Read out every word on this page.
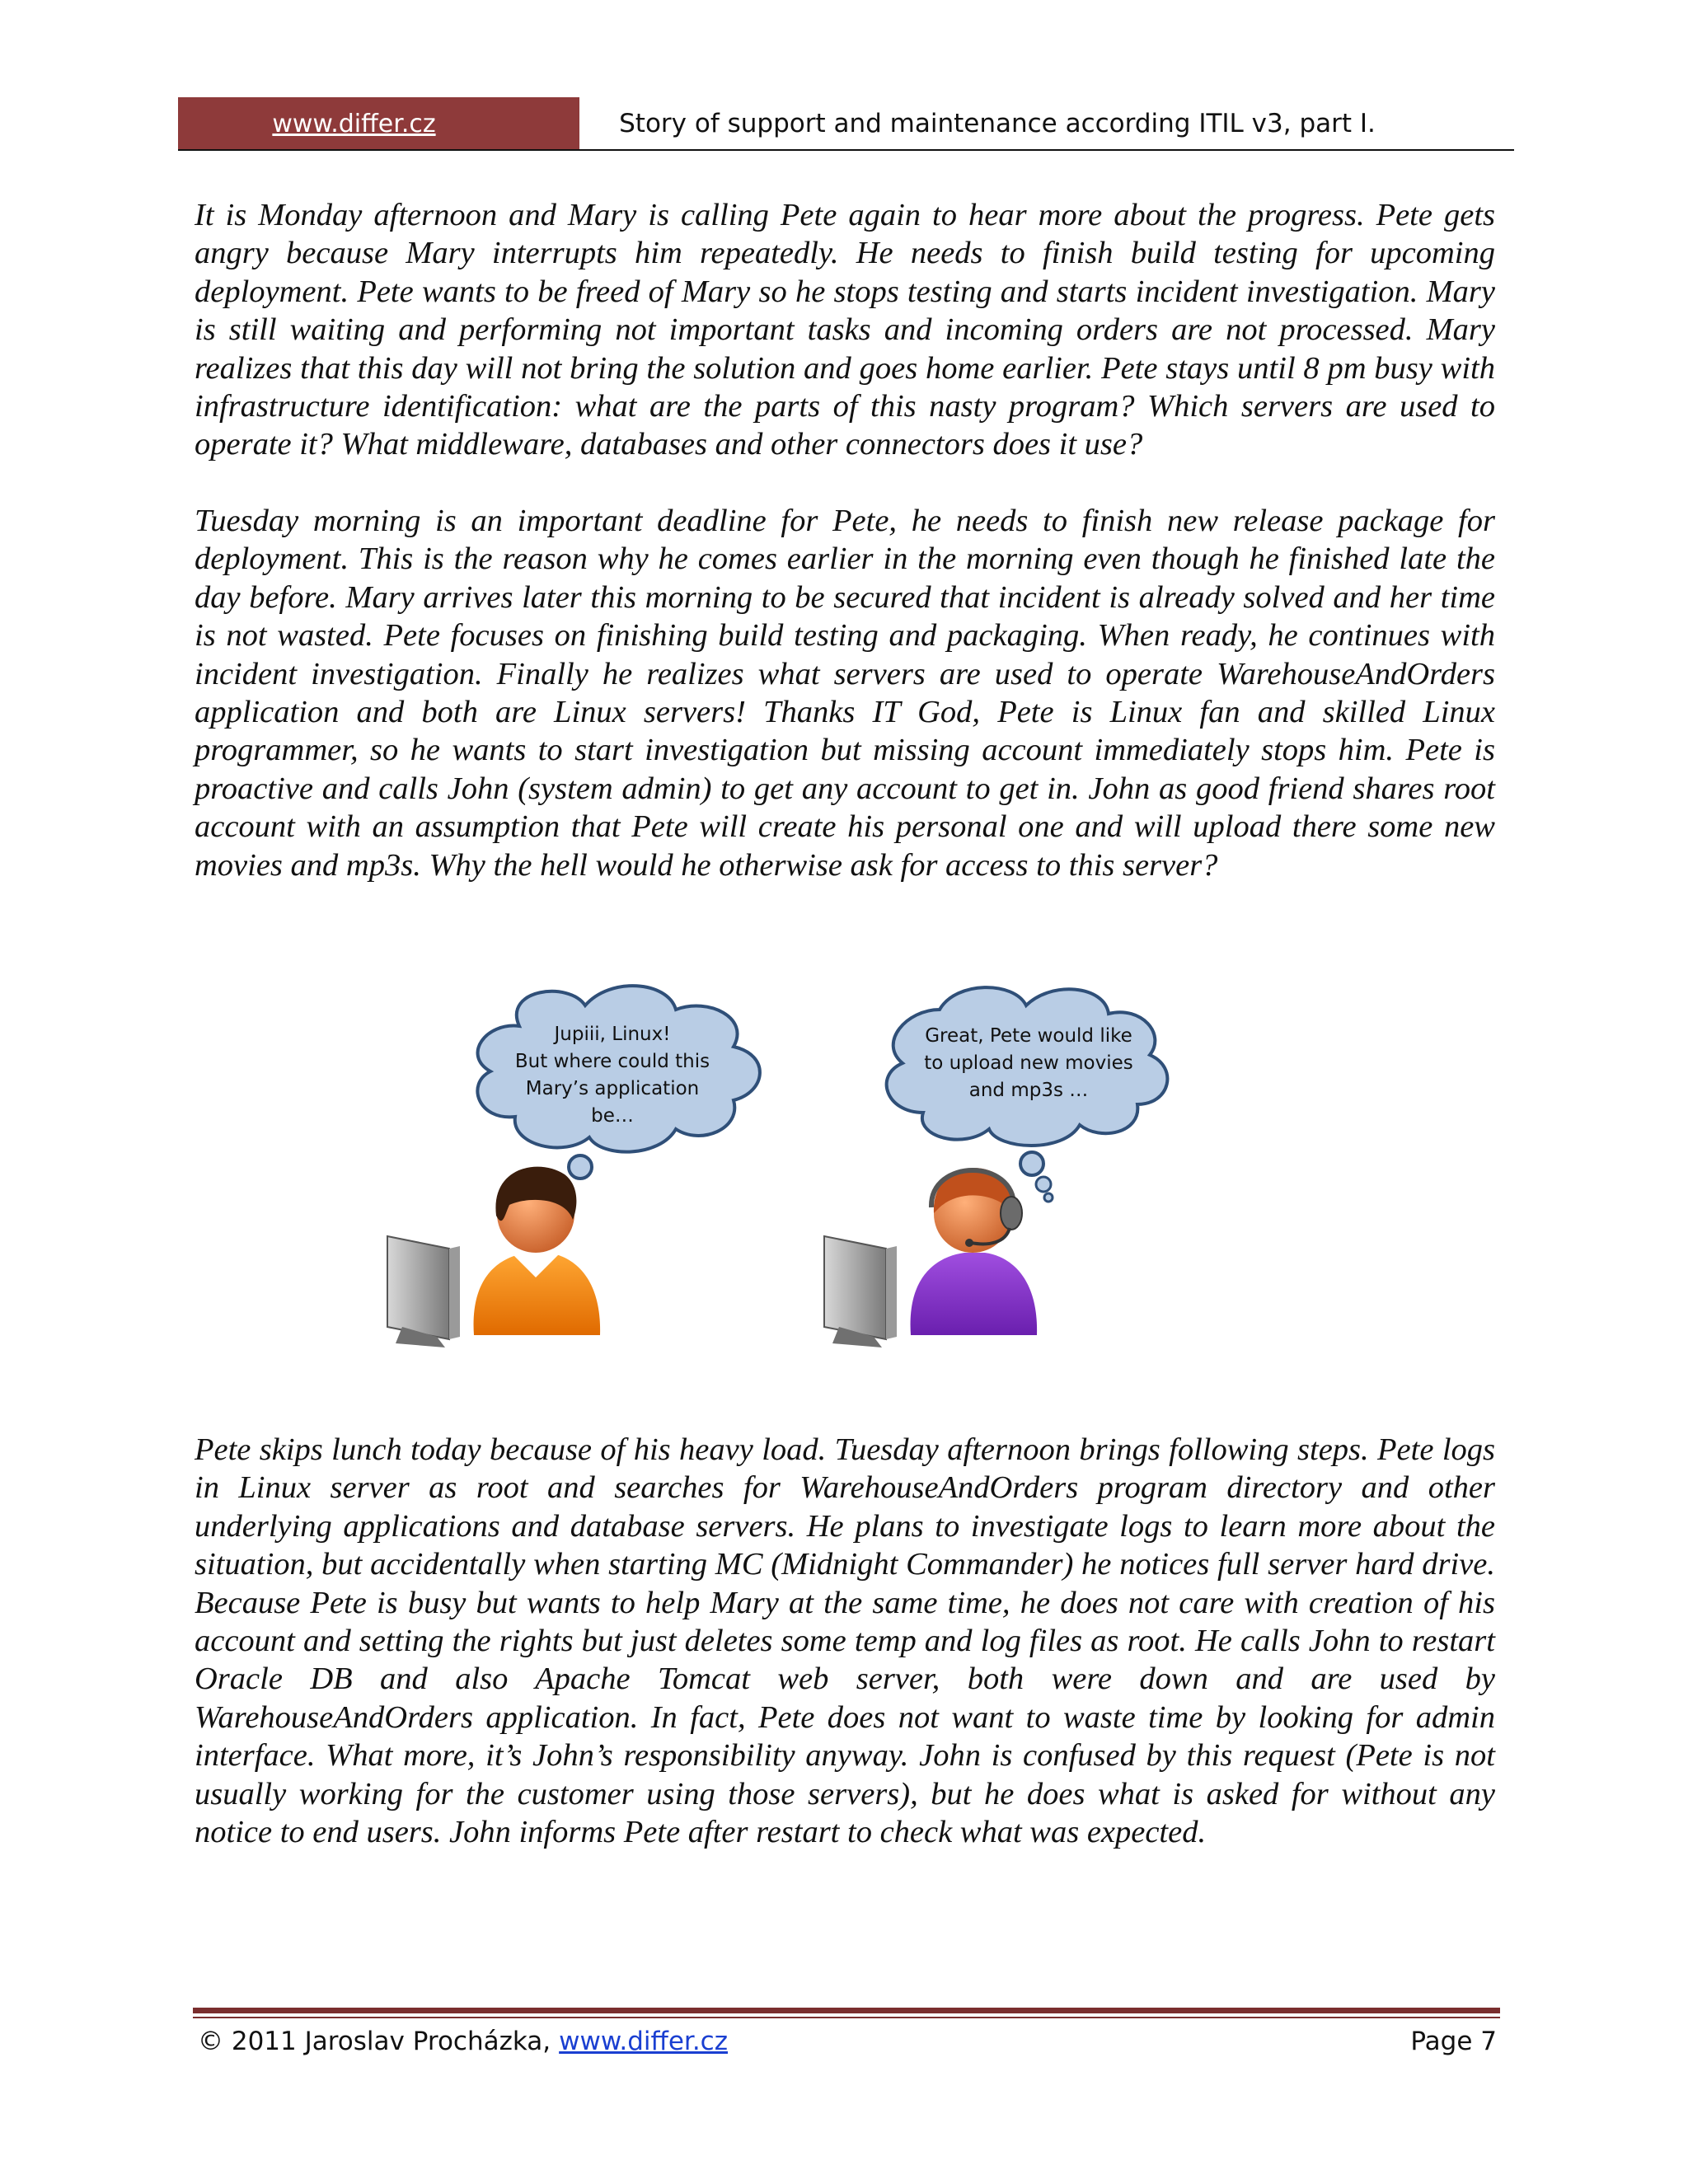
www.differ.cz	Story of support and maintenance according ITIL v3, part I.

It is Monday afternoon and Mary is calling Pete again to hear more about the progress. Pete gets angry because Mary interrupts him repeatedly. He needs to finish build testing for upcoming deployment. Pete wants to be freed of Mary so he stops testing and starts incident investigation. Mary is still waiting and performing not important tasks and incoming orders are not processed. Mary realizes that this day will not bring the solution and goes home earlier. Pete stays until 8 pm busy with infrastructure identification: what are the parts of this nasty program? Which servers are used to operate it? What middleware, databases and other connectors does it use?

Tuesday morning is an important deadline for Pete, he needs to finish new release package for deployment. This is the reason why he comes earlier in the morning even though he finished late the day before. Mary arrives later this morning to be secured that incident is already solved and her time is not wasted. Pete focuses on finishing build testing and packaging. When ready, he continues with incident investigation. Finally he realizes what servers are used to operate WarehouseAndOrders application and both are Linux servers! Thanks IT God, Pete is Linux fan and skilled Linux programmer, so he wants to start investigation but missing account immediately stops him. Pete is proactive and calls John (system admin) to get any account to get in. John as good friend shares root account with an assumption that Pete will create his personal one and will upload there some new movies and mp3s. Why the hell would he otherwise ask for access to this server?

Jupiii, Linux!
But where could this
Mary’s application
be…
Great, Pete would like
to upload new movies
and mp3s …

Pete skips lunch today because of his heavy load. Tuesday afternoon brings following steps. Pete logs in Linux server as root and searches for WarehouseAndOrders program directory and other underlying applications and database servers. He plans to investigate logs to learn more about the situation, but accidentally when starting MC (Midnight Commander) he notices full server hard drive. Because Pete is busy but wants to help Mary at the same time, he does not care with creation of his account and setting the rights but just deletes some temp and log files as root. He calls John to restart Oracle DB and also Apache Tomcat web server, both were down and are used by WarehouseAndOrders application. In fact, Pete does not want to waste time by looking for admin interface. What more, it’s John’s responsibility anyway. John is confused by this request (Pete is not usually working for the customer using those servers), but he does what is asked for without any notice to end users. John informs Pete after restart to check what was expected.

© 2011 Jaroslav Procházka, www.differ.cz	Page 7
